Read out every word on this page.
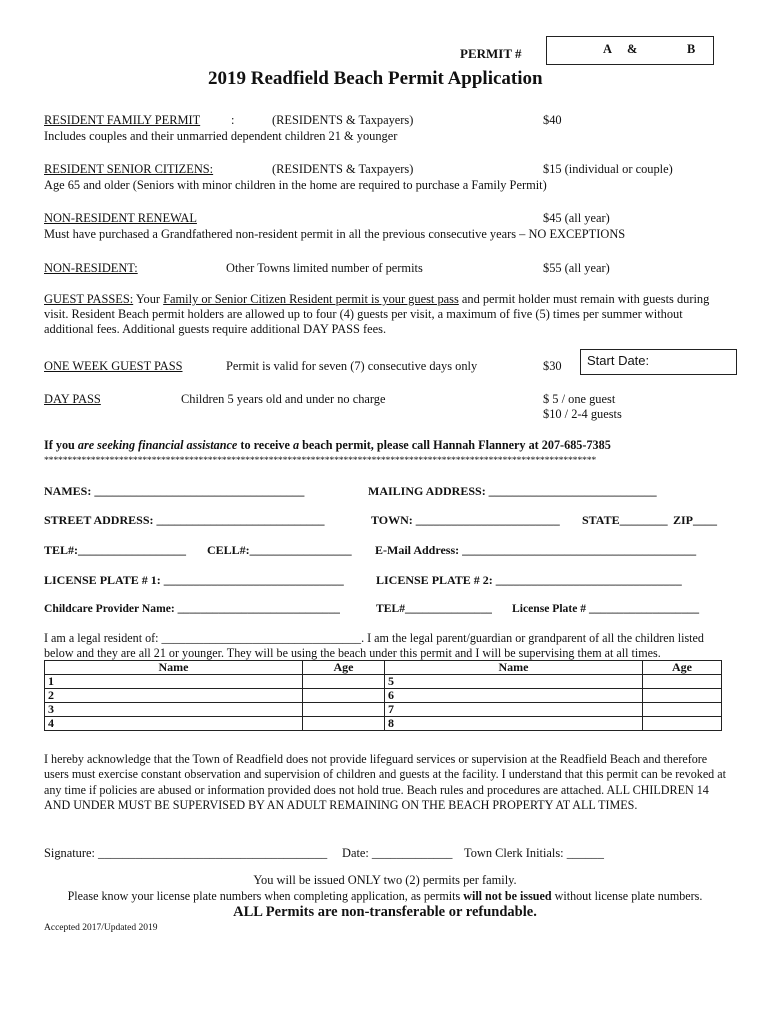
PERMIT #	A &	B
2019 Readfield Beach Permit Application
RESIDENT FAMILY PERMIT :	(RESIDENTS & Taxpayers)	$40
Includes couples and their unmarried dependent children 21 & younger
RESIDENT SENIOR CITIZENS:	(RESIDENTS & Taxpayers)	$15 (individual or couple)
Age 65 and older (Seniors with minor children in the home are required to purchase a Family Permit)
NON-RESIDENT RENEWAL	$45 (all year)
Must have purchased a Grandfathered non-resident permit in all the previous consecutive years – NO EXCEPTIONS
NON-RESIDENT:	Other Towns limited number of permits	$55 (all year)
GUEST PASSES: Your Family or Senior Citizen Resident permit is your guest pass and permit holder must remain with guests during visit. Resident Beach permit holders are allowed up to four (4) guests per visit, a maximum of five (5) times per summer without additional fees. Additional guests require additional DAY PASS fees.
ONE WEEK GUEST PASS	Permit is valid for seven (7) consecutive days only	$30 Start Date:
DAY PASS	Children 5 years old and under no charge	$ 5 / one guest
$10 / 2-4 guests
If you are seeking financial assistance to receive a beach permit, please call Hannah Flannery at 207-685-7385
**********************************************************************************************************************
NAMES: ___________________________________	MAILING ADDRESS: ____________________________
STREET ADDRESS: ____________________________	TOWN: ________________________ STATE________ ZIP____
TEL#:__________________ CELL#:_________________ E-Mail Address: _______________________________________
LICENSE PLATE # 1: ______________________________	LICENSE PLATE # 2: _______________________________
Childcare Provider Name: ____________________________	TEL#_______________ License Plate # ___________________
I am a legal resident of: _________________________________. I am the legal parent/guardian or grandparent of all the children listed below and they are all 21 or younger. They will be using the beach under this permit and I will be supervising them at all times.
Name	Age	Name	Age
1		5	
2		6	
3		7	
4		8	
I hereby acknowledge that the Town of Readfield does not provide lifeguard services or supervision at the Readfield Beach and therefore users must exercise constant observation and supervision of children and guests at the facility. I understand that this permit can be revoked at any time if policies are abused or information provided does not hold true. Beach rules and procedures are attached. ALL CHILDREN 14 AND UNDER MUST BE SUPERVISED BY AN ADULT REMAINING ON THE BEACH PROPERTY AT ALL TIMES.
Signature: _____________________________________ Date: _____________ Town Clerk Initials: ______
You will be issued ONLY two (2) permits per family.
Please know your license plate numbers when completing application, as permits will not be issued without license plate numbers.
ALL Permits are non-transferable or refundable.
Accepted 2017/Updated 2019
